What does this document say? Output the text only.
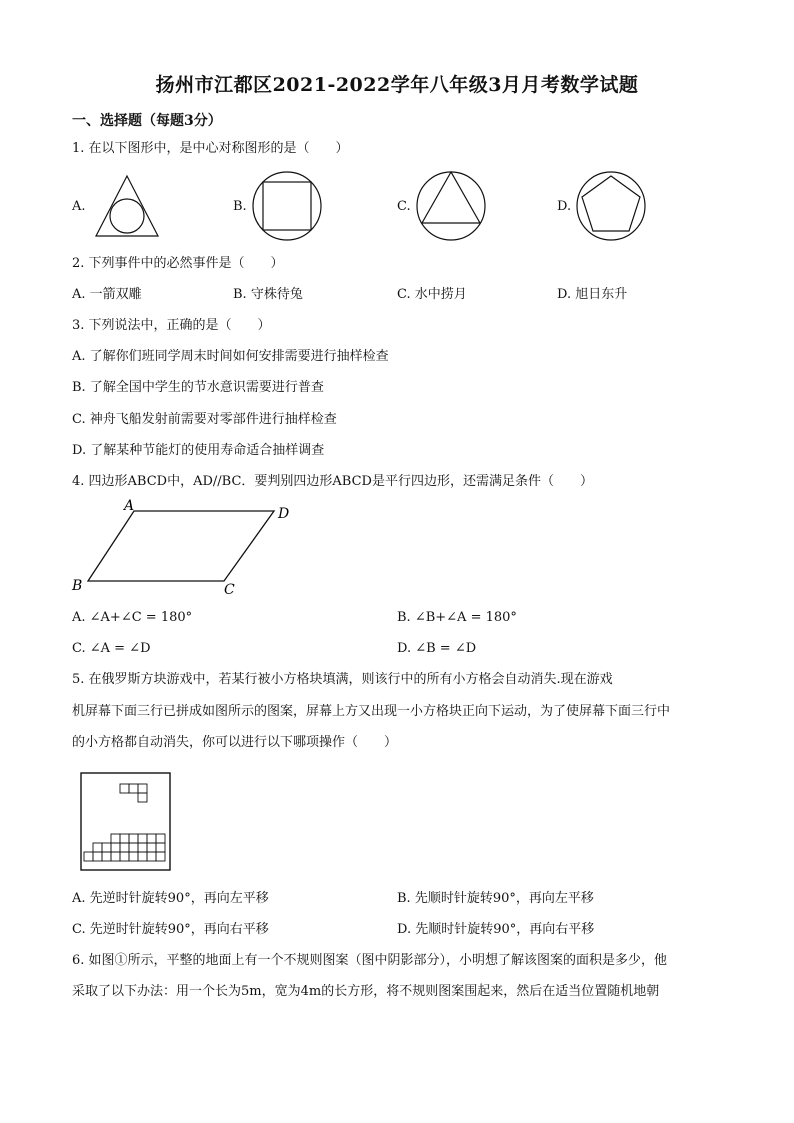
扬州市江都区2021-2022学年八年级3月月考数学试题
一、选择题（每题3分）
1. 在以下图形中，是中心对称图形的是（　　）
A.	B.	C.	D.
2. 下列事件中的必然事件是（　　）
A. 一箭双雕	B. 守株待兔	C. 水中捞月	D. 旭日东升
3. 下列说法中，正确的是（　　）
A. 了解你们班同学周末时间如何安排需要进行抽样检查
B. 了解全国中学生的节水意识需要进行普查
C. 神舟飞船发射前需要对零部件进行抽样检查
D. 了解某种节能灯的使用寿命适合抽样调查
4. 四边形ABCD中，AD//BC．要判别四边形ABCD是平行四边形，还需满足条件（　　）
A	D
B	C
A. ∠A+∠C = 180°	B. ∠B+∠A = 180°
C. ∠A = ∠D	D. ∠B = ∠D
5. 在俄罗斯方块游戏中，若某行被小方格块填满，则该行中的所有小方格会自动消失.现在游戏
机屏幕下面三行已拼成如图所示的图案，屏幕上方又出现一小方格块正向下运动，为了使屏幕下面三行中
的小方格都自动消失，你可以进行以下哪项操作（　　）
A. 先逆时针旋转90°，再向左平移	B. 先顺时针旋转90°，再向左平移
C. 先逆时针旋转90°，再向右平移	D. 先顺时针旋转90°，再向右平移
6. 如图①所示，平整的地面上有一个不规则图案（图中阴影部分），小明想了解该图案的面积是多少，他
采取了以下办法：用一个长为5m，宽为4m的长方形，将不规则图案围起来，然后在适当位置随机地朝
